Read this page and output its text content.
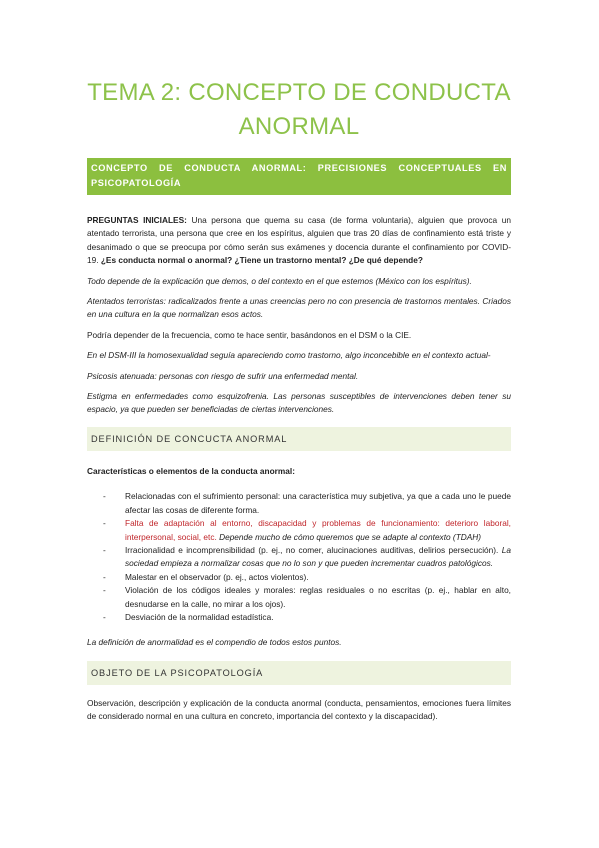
TEMA 2: CONCEPTO DE CONDUCTA
ANORMAL
CONCEPTO DE CONDUCTA ANORMAL: PRECISIONES CONCEPTUALES EN PSICOPATOLOGÍA

PREGUNTAS INICIALES: Una persona que quema su casa (de forma voluntaria), alguien que provoca un atentado terrorista, una persona que cree en los espíritus, alguien que tras 20 días de confinamiento está triste y desanimado o que se preocupa por cómo serán sus exámenes y docencia durante el confinamiento por COVID-19. ¿Es conducta normal o anormal? ¿Tiene un trastorno mental? ¿De qué depende?

Todo depende de la explicación que demos, o del contexto en el que estemos (México con los espíritus).

Atentados terroristas: radicalizados frente a unas creencias pero no con presencia de trastornos mentales. Criados en una cultura en la que normalizan esos actos.

Podría depender de la frecuencia, como te hace sentir, basándonos en el DSM o la CIE.

En el DSM-III la homosexualidad seguía apareciendo como trastorno, algo inconcebible en el contexto actual-

Psicosis atenuada: personas con riesgo de sufrir una enfermedad mental.

Estigma en enfermedades como esquizofrenia. Las personas susceptibles de intervenciones deben tener su espacio, ya que pueden ser beneficiadas de ciertas intervenciones.

DEFINICIÓN DE CONCUCTA ANORMAL

Características o elementos de la conducta anormal:

- Relacionadas con el sufrimiento personal: una característica muy subjetiva, ya que a cada uno le puede afectar las cosas de diferente forma.
- Falta de adaptación al entorno, discapacidad y problemas de funcionamiento: deterioro laboral, interpersonal, social, etc. Depende mucho de cómo queremos que se adapte al contexto (TDAH)
- Irracionalidad e incomprensibilidad (p. ej., no comer, alucinaciones auditivas, delirios persecución). La sociedad empieza a normalizar cosas que no lo son y que pueden incrementar cuadros patológicos.
- Malestar en el observador (p. ej., actos violentos).
- Violación de los códigos ideales y morales: reglas residuales o no escritas (p. ej., hablar en alto, desnudarse en la calle, no mirar a los ojos).
- Desviación de la normalidad estadística.

La definición de anormalidad es el compendio de todos estos puntos.

OBJETO DE LA PSICOPATOLOGÍA

Observación, descripción y explicación de la conducta anormal (conducta, pensamientos, emociones fuera límites de considerado normal en una cultura en concreto, importancia del contexto y la discapacidad).
